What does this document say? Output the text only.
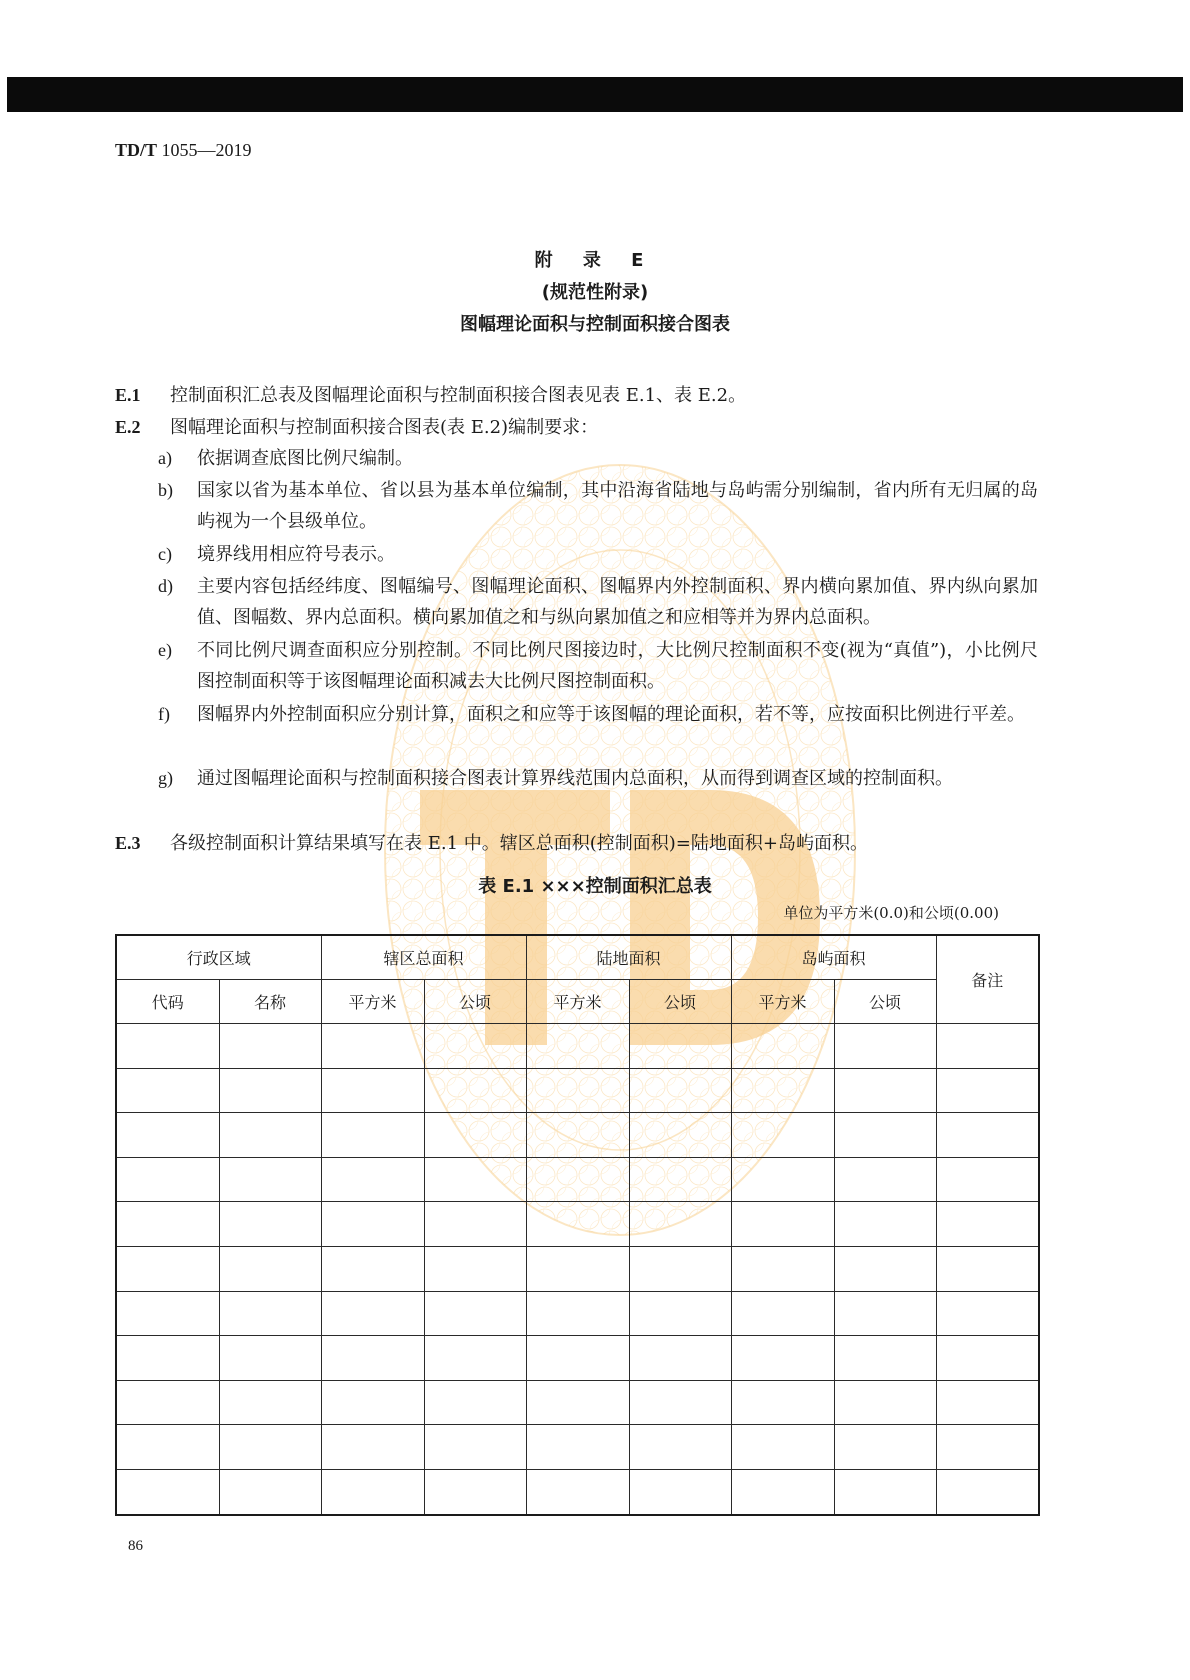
TD/T 1055—2019
附 录 E
(规范性附录)
图幅理论面积与控制面积接合图表
E.1 控制面积汇总表及图幅理论面积与控制面积接合图表见表 E.1、表 E.2。
E.2 图幅理论面积与控制面积接合图表(表 E.2)编制要求：
a)	依据调查底图比例尺编制。
b)	国家以省为基本单位、省以县为基本单位编制，其中沿海省陆地与岛屿需分别编制，省内所有无归属的岛屿视为一个县级单位。
c)	境界线用相应符号表示。
d)	主要内容包括经纬度、图幅编号、图幅理论面积、图幅界内外控制面积、界内横向累加值、界内纵向累加值、图幅数、界内总面积。横向累加值之和与纵向累加值之和应相等并为界内总面积。
e)	不同比例尺调查面积应分别控制。不同比例尺图接边时，大比例尺控制面积不变(视为“真值”)，小比例尺图控制面积等于该图幅理论面积减去大比例尺图控制面积。
f)	图幅界内外控制面积应分别计算，面积之和应等于该图幅的理论面积，若不等，应按面积比例进行平差。
g)	通过图幅理论面积与控制面积接合图表计算界线范围内总面积，从而得到调查区域的控制面积。
E.3 各级控制面积计算结果填写在表 E.1 中。辖区总面积(控制面积)=陆地面积+岛屿面积。
表 E.1 ×××控制面积汇总表
单位为平方米(0.0)和公顷(0.00)
行政区域		辖区总面积		陆地面积		岛屿面积		备注
代码	名称	平方米	公顷	平方米	公顷	平方米	公顷	

86
